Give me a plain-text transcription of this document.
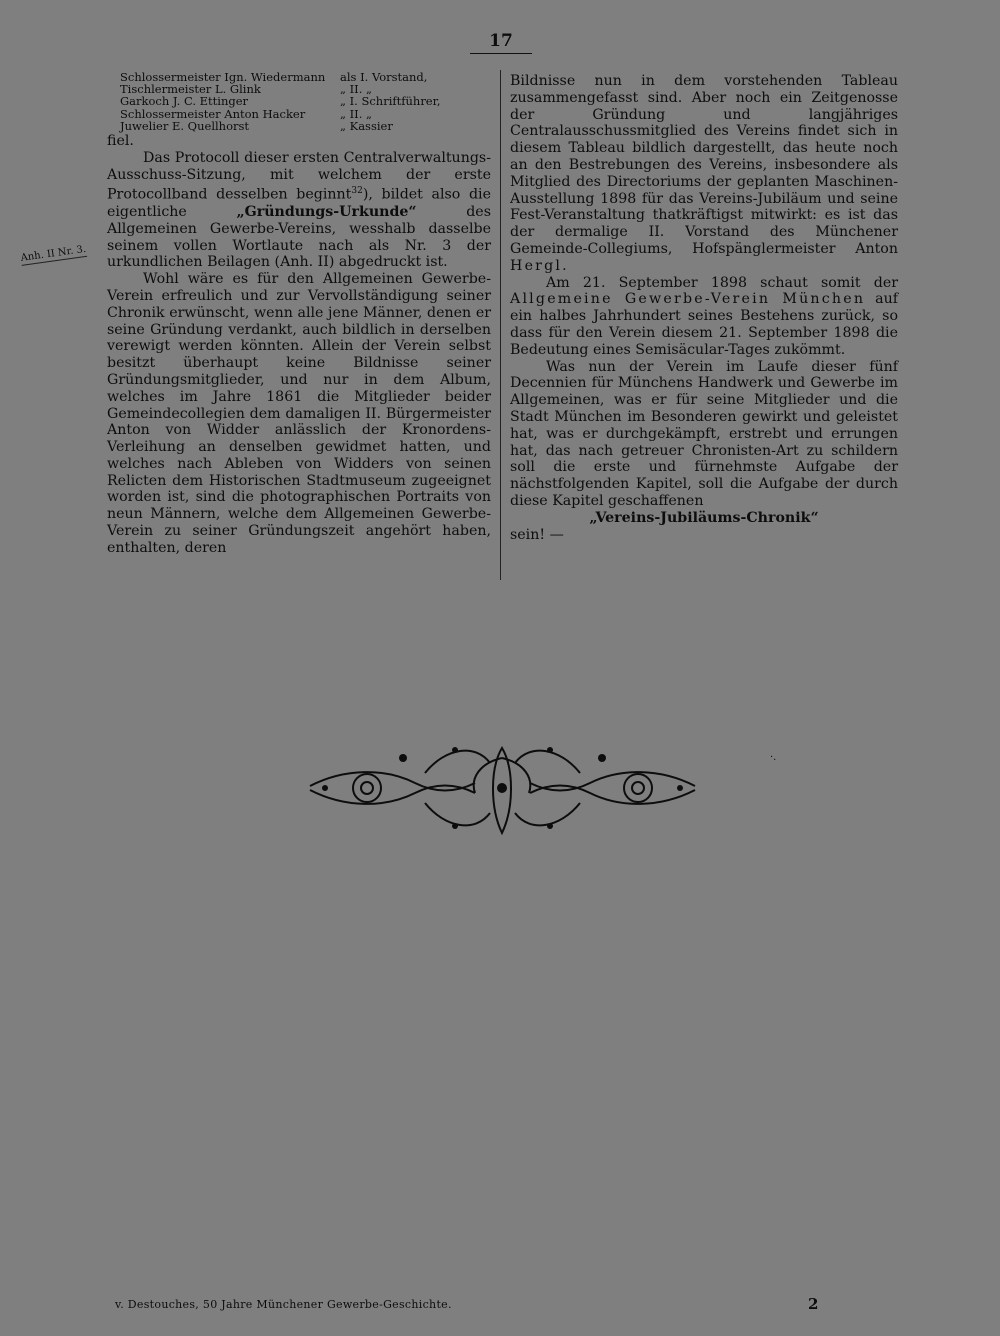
17
Anh. II Nr. 3.
Schlossermeister Ign. Wiedermann	als I. Vorstand,
Tischlermeister L. Glink	„ II. „
Garkoch J. C. Ettinger	„ I. Schriftführer,
Schlossermeister Anton Hacker	„ II. „
Juwelier E. Quellhorst	„ Kassier

fiel.

Das Protocoll dieser ersten Centralverwaltungs-Ausschuss-Sitzung, mit welchem der erste Protocollband desselben beginnt$^{32}$), bildet also die eigentliche „Gründungs-Urkunde“ des Allgemeinen Gewerbe-Vereins, wesshalb dasselbe seinem vollen Wortlaute nach als Nr. 3 der urkundlichen Beilagen (Anh. II) abgedruckt ist.

Wohl wäre es für den Allgemeinen Gewerbe-Verein erfreulich und zur Vervollständigung seiner Chronik erwünscht, wenn alle jene Männer, denen er seine Gründung verdankt, auch bildlich in derselben verewigt werden könnten. Allein der Verein selbst besitzt überhaupt keine Bildnisse seiner Gründungsmitglieder, und nur in dem Album, welches im Jahre 1861 die Mitglieder beider Gemeindecollegien dem damaligen II. Bürgermeister Anton von Widder anlässlich der Kronordens-Verleihung an denselben gewidmet hatten, und welches nach Ableben von Widders von seinen Relicten dem Historischen Stadtmuseum zugeeignet worden ist, sind die photographischen Portraits von neun Männern, welche dem Allgemeinen Gewerbe-Verein zu seiner Gründungszeit angehört haben, enthalten, deren

Bildnisse nun in dem vorstehenden Tableau zusammengefasst sind. Aber noch ein Zeitgenosse der Gründung und langjähriges Centralausschussmitglied des Vereins findet sich in diesem Tableau bildlich dargestellt, das heute noch an den Bestrebungen des Vereins, insbesondere als Mitglied des Directoriums der geplanten Maschinen-Ausstellung 1898 für das Vereins-Jubiläum und seine Fest-Veranstaltung thatkräftigst mitwirkt: es ist das der dermalige II. Vorstand des Münchener Gemeinde-Collegiums, Hofspänglermeister Anton Hergl.

Am 21. September 1898 schaut somit der Allgemeine Gewerbe-Verein München auf ein halbes Jahrhundert seines Bestehens zurück, so dass für den Verein diesem 21. September 1898 die Bedeutung eines Semisäcular-Tages zukömmt.

Was nun der Verein im Laufe dieser fünf Decennien für Münchens Handwerk und Gewerbe im Allgemeinen, was er für seine Mitglieder und die Stadt München im Besonderen gewirkt und geleistet hat, was er durchgekämpft, erstrebt und errungen hat, das nach getreuer Chronisten-Art zu schildern soll die erste und fürnehmste Aufgabe der nächstfolgenden Kapitel, soll die Aufgabe der durch diese Kapitel geschaffenen

„Vereins-Jubiläums-Chronik“

sein! —

·.
v. Destouches, 50 Jahre Münchener Gewerbe-Geschichte.	2
